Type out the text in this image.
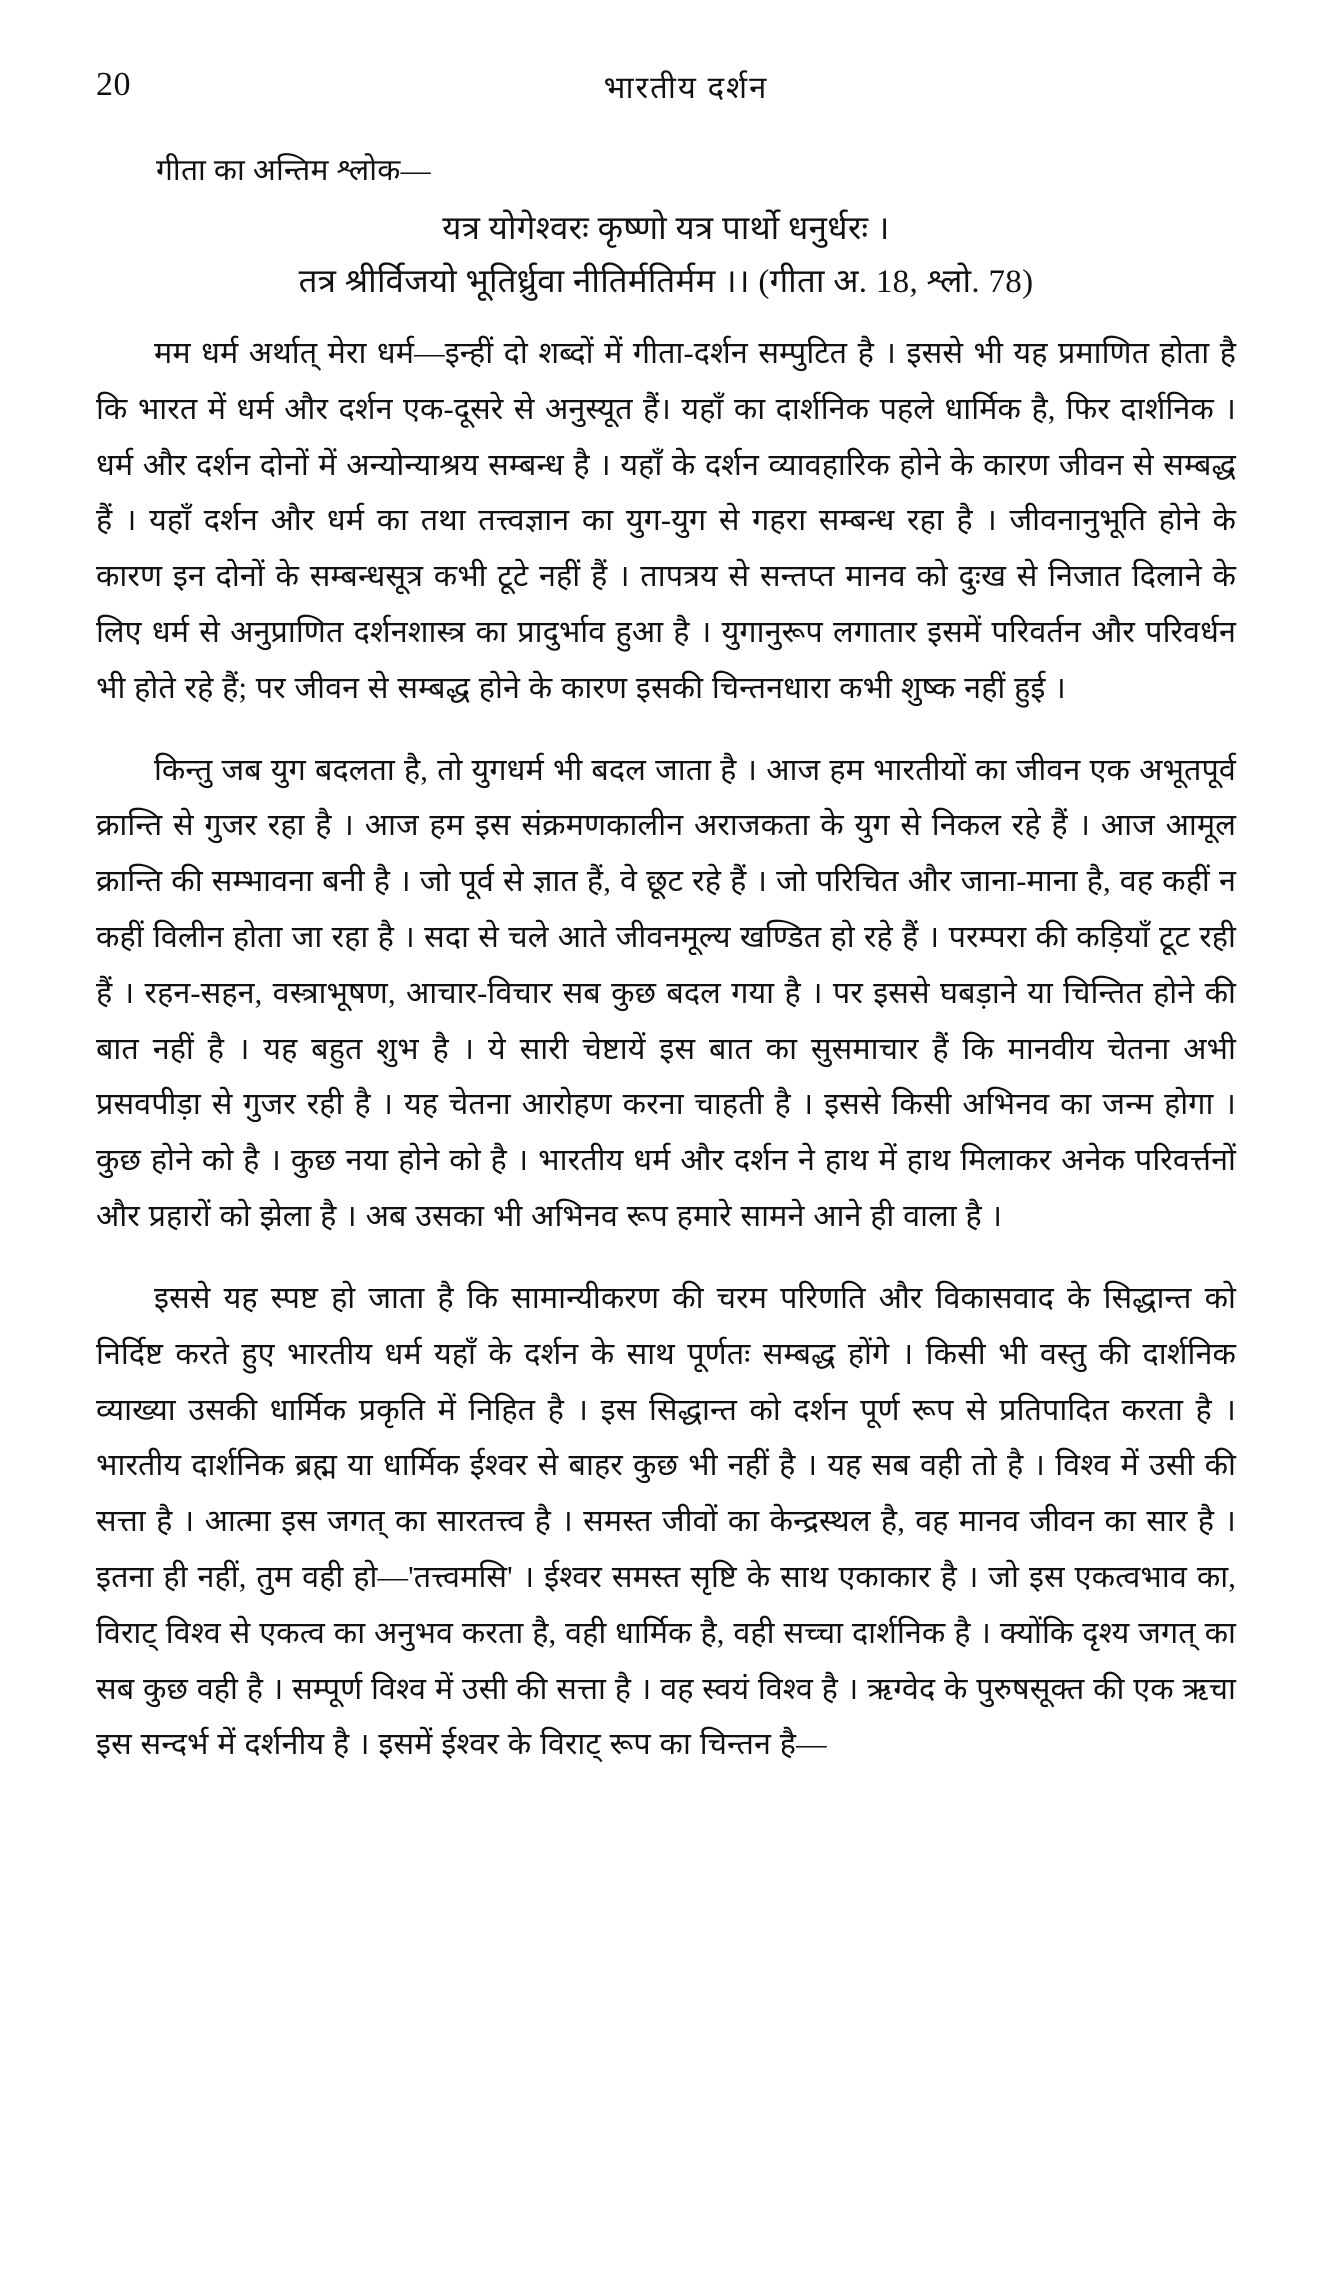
20	भारतीय दर्शन
गीता का अन्तिम श्लोक—
यत्र योगेश्वरः कृष्णो यत्र पार्थो धनुर्धरः ।
तत्र श्रीर्विजयो भूतिर्ध्रुवा नीतिर्मतिर्मम ।। (गीता अ. 18, श्लो. 78)

मम धर्म अर्थात् मेरा धर्म—इन्हीं दो शब्दों में गीता-दर्शन सम्पुटित है । इससे भी यह प्रमाणित होता है कि भारत में धर्म और दर्शन एक-दूसरे से अनुस्यूत हैं। यहाँ का दार्शनिक पहले धार्मिक है, फिर दार्शनिक । धर्म और दर्शन दोनों में अन्योन्याश्रय सम्बन्ध है । यहाँ के दर्शन व्यावहारिक होने के कारण जीवन से सम्बद्ध हैं । यहाँ दर्शन और धर्म का तथा तत्त्वज्ञान का युग-युग से गहरा सम्बन्ध रहा है । जीवनानुभूति होने के कारण इन दोनों के सम्बन्धसूत्र कभी टूटे नहीं हैं । तापत्रय से सन्तप्त मानव को दुःख से निजात दिलाने के लिए धर्म से अनुप्राणित दर्शनशास्त्र का प्रादुर्भाव हुआ है । युगानुरूप लगातार इसमें परिवर्तन और परिवर्धन भी होते रहे हैं; पर जीवन से सम्बद्ध होने के कारण इसकी चिन्तनधारा कभी शुष्क नहीं हुई ।

किन्तु जब युग बदलता है, तो युगधर्म भी बदल जाता है । आज हम भारतीयों का जीवन एक अभूतपूर्व क्रान्ति से गुजर रहा है । आज हम इस संक्रमणकालीन अराजकता के युग से निकल रहे हैं । आज आमूल क्रान्ति की सम्भावना बनी है । जो पूर्व से ज्ञात हैं, वे छूट रहे हैं । जो परिचित और जाना-माना है, वह कहीं न कहीं विलीन होता जा रहा है । सदा से चले आते जीवनमूल्य खण्डित हो रहे हैं । परम्परा की कड़ियाँ टूट रही हैं । रहन-सहन, वस्त्राभूषण, आचार-विचार सब कुछ बदल गया है । पर इससे घबड़ाने या चिन्तित होने की बात नहीं है । यह बहुत शुभ है । ये सारी चेष्टायें इस बात का सुसमाचार हैं कि मानवीय चेतना अभी प्रसवपीड़ा से गुजर रही है । यह चेतना आरोहण करना चाहती है । इससे किसी अभिनव का जन्म होगा । कुछ होने को है । कुछ नया होने को है । भारतीय धर्म और दर्शन ने हाथ में हाथ मिलाकर अनेक परिवर्त्तनों और प्रहारों को झेला है । अब उसका भी अभिनव रूप हमारे सामने आने ही वाला है ।

इससे यह स्पष्ट हो जाता है कि सामान्यीकरण की चरम परिणति और विकासवाद के सिद्धान्त को निर्दिष्ट करते हुए भारतीय धर्म यहाँ के दर्शन के साथ पूर्णतः सम्बद्ध होंगे । किसी भी वस्तु की दार्शनिक व्याख्या उसकी धार्मिक प्रकृति में निहित है । इस सिद्धान्त को दर्शन पूर्ण रूप से प्रतिपादित करता है । भारतीय दार्शनिक ब्रह्म या धार्मिक ईश्वर से बाहर कुछ भी नहीं है । यह सब वही तो है । विश्व में उसी की सत्ता है । आत्मा इस जगत् का सारतत्त्व है । समस्त जीवों का केन्द्रस्थल है, वह मानव जीवन का सार है । इतना ही नहीं, तुम वही हो—'तत्त्वमसि' । ईश्वर समस्त सृष्टि के साथ एकाकार है । जो इस एकत्वभाव का, विराट् विश्व से एकत्व का अनुभव करता है, वही धार्मिक है, वही सच्चा दार्शनिक है । क्योंकि दृश्य जगत् का सब कुछ वही है । सम्पूर्ण विश्व में उसी की सत्ता है । वह स्वयं विश्व है । ऋग्वेद के पुरुषसूक्त की एक ऋचा इस सन्दर्भ में दर्शनीय है । इसमें ईश्वर के विराट् रूप का चिन्तन है—
